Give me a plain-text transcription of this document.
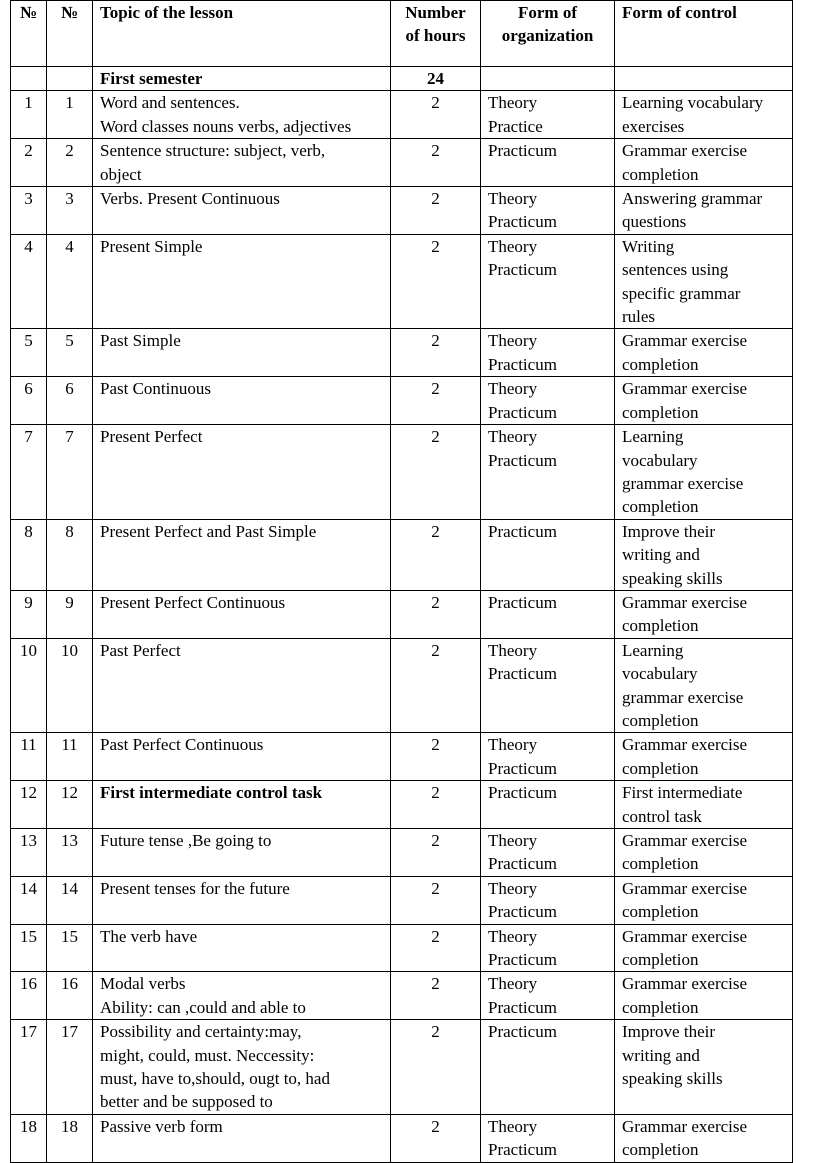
№	№	Topic of the lesson	Number
of hours	Form of
organization	Form of control
		First semester	24		
1	1	Word and sentences.
Word classes nouns verbs, adjectives	2	Theory
Practice	Learning vocabulary
exercises
2	2	Sentence structure: subject, verb,
object	2	Practicum	Grammar exercise
completion
3	3	Verbs. Present Continuous	2	Theory
Practicum	Answering grammar
questions
4	4	Present Simple	2	Theory
Practicum	Writing
sentences using
specific grammar
rules
5	5	Past Simple	2	Theory
Practicum	Grammar exercise
completion
6	6	Past Continuous	2	Theory
Practicum	Grammar exercise
completion
7	7	Present Perfect	2	Theory
Practicum	Learning
vocabulary
grammar exercise
completion
8	8	Present Perfect and Past Simple	2	Practicum	Improve their
writing and
speaking skills
9	9	Present Perfect Continuous	2	Practicum	Grammar exercise
completion
10	10	Past Perfect	2	Theory
Practicum	Learning
vocabulary
grammar exercise
completion
11	11	Past Perfect Continuous	2	Theory
Practicum	Grammar exercise
completion
12	12	First intermediate control task	2	Practicum	First intermediate
control task
13	13	Future tense ,Be going to	2	Theory
Practicum	Grammar exercise
completion
14	14	Present tenses for the future	2	Theory
Practicum	Grammar exercise
completion
15	15	The verb have	2	Theory
Practicum	Grammar exercise
completion
16	16	Modal verbs
Ability: can ,could and able to	2	Theory
Practicum	Grammar exercise
completion
17	17	Possibility and certainty:may,
might, could, must. Neccessity:
must, have to,should, ougt to, had
better and be supposed to	2	Practicum	Improve their
writing and
speaking skills
18	18	Passive verb form	2	Theory
Practicum	Grammar exercise
completion
